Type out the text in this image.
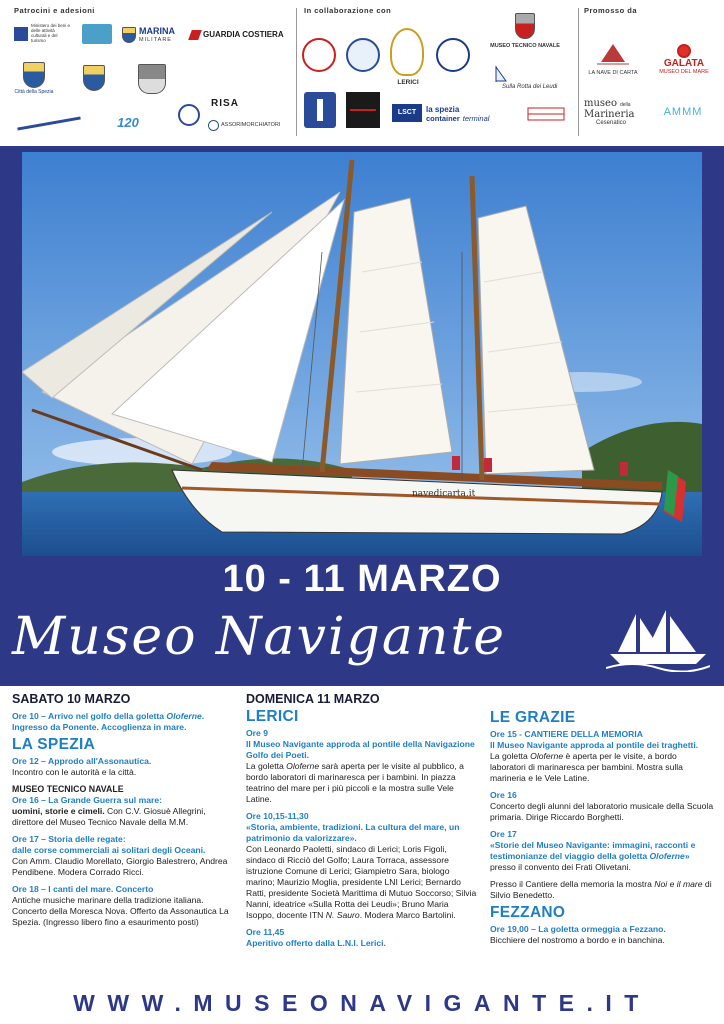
Patrocini e adesioni
Ministero dei beni e delle attività culturali e del turismo
MARINA
MILITARE
GUARDIA COSTIERA
Città della Spezia
120
RISA
ASSORIMORCHIATORI
In collaborazione con
LERICI
MUSEO TECNICO NAVALE
Sulla Rotta dei Leudi
LSCT la spezia
container terminal
Promosso da
LA NAVE DI CARTA
GALATA
MUSEO DEL MARE
museo della
Marineria
Cesenatico
AMMM
navedicarta.it
10 - 11 MARZO
Museo Navigante
SABATO 10 MARZO
Ore 10 – Arrivo nel golfo della goletta Oloferne.
Ingresso da Ponente. Accoglienza in mare.
LA SPEZIA
Ore 12 – Approdo all'Assonautica.
Incontro con le autorità e la città.
MUSEO TECNICO NAVALE
Ore 16 – La Grande Guerra sul mare:
uomini, storie e cimeli. Con C.V. Giosuè Allegrini, direttore del Museo Tecnico Navale della M.M.
Ore 17 – Storia delle regate:
dalle corse commerciali ai solitari degli Oceani.
Con Amm. Claudio Morellato, Giorgio Balestrero, Andrea Pendibene. Modera Corrado Ricci.
Ore 18 – I canti del mare. Concerto
Antiche musiche marinare della tradizione italiana. Concerto della Moresca Nova. Offerto da Assonautica La Spezia. (Ingresso libero fino a esaurimento posti)
DOMENICA 11 MARZO
LERICI
Ore 9
Il Museo Navigante approda al pontile della Navigazione Golfo dei Poeti.
La goletta Oloferne sarà aperta per le visite al pubblico, a bordo laboratori di marinaresca per i bambini. In piazza teatrino del mare per i più piccoli e la mostra sulle Vele Latine.
Ore 10,15-11,30
«Storia, ambiente, tradizioni. La cultura del mare, un patrimonio da valorizzare».
Con Leonardo Paoletti, sindaco di Lerici; Loris Figoli, sindaco di Ricciò del Golfo; Laura Torraca, assessore istruzione Comune di Lerici; Giampietro Sara, biologo marino; Maurizio Moglia, presidente LNI Lerici; Bernardo Ratti, presidente Società Marittima di Mutuo Soccorso; Silvia Nanni, ideatrice «Sulla Rotta dei Leudi»; Bruno Maria Isoppo, docente ITN N. Sauro. Modera Marco Bartolini.
Ore 11,45
Aperitivo offerto dalla L.N.I. Lerici.
LE GRAZIE
Ore 15 - CANTIERE DELLA MEMORIA
Il Museo Navigante approda al pontile dei traghetti.
La goletta Oloferne è aperta per le visite, a bordo laboratori di marinaresca per bambini. Mostra sulla marineria e le Vele Latine.
Ore 16
Concerto degli alunni del laboratorio musicale della Scuola primaria. Dirige Riccardo Borghetti.
Ore 17
«Storie del Museo Navigante: immagini, racconti e testimonianze del viaggio della goletta Oloferne» presso il convento dei Frati Olivetani.
Presso il Cantiere della memoria la mostra Noi e il mare di Silvio Benedetto.
FEZZANO
Ore 19,00 – La goletta ormeggia a Fezzano.
Bicchiere del nostromo a bordo e in banchina.
WWW.MUSEONAVIGANTE.IT
